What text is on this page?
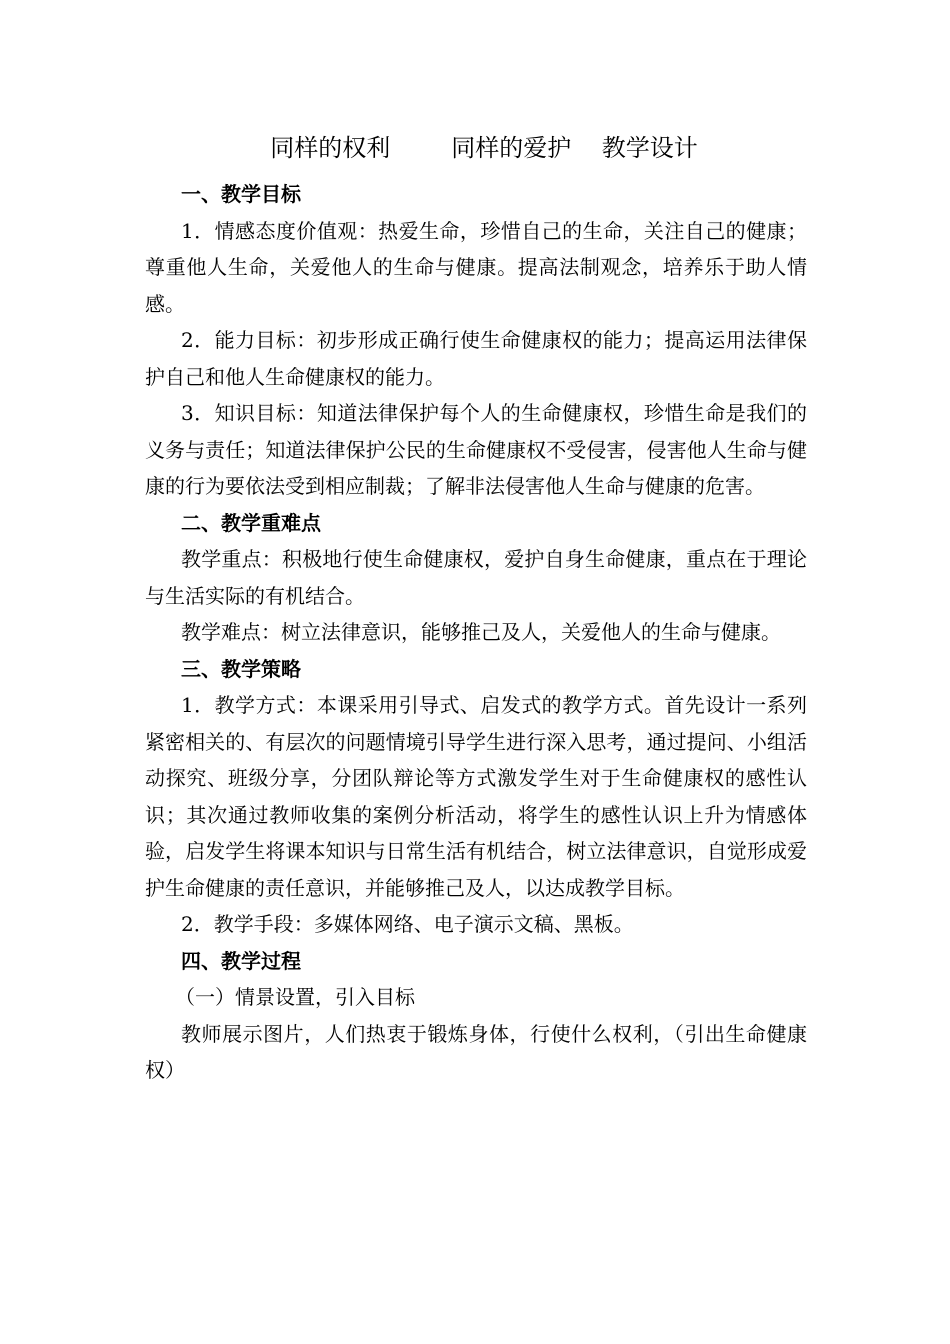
同样的权利        同样的爱护    教学设计
一、教学目标

1．情感态度价值观：热爱生命，珍惜自己的生命，关注自己的健康；尊重他人生命，关爱他人的生命与健康。提高法制观念，培养乐于助人情感。

2．能力目标：初步形成正确行使生命健康权的能力；提高运用法律保护自己和他人生命健康权的能力。

3．知识目标：知道法律保护每个人的生命健康权，珍惜生命是我们的义务与责任；知道法律保护公民的生命健康权不受侵害，侵害他人生命与健康的行为要依法受到相应制裁；了解非法侵害他人生命与健康的危害。

二、教学重难点

教学重点：积极地行使生命健康权，爱护自身生命健康，重点在于理论与生活实际的有机结合。

教学难点：树立法律意识，能够推己及人，关爱他人的生命与健康。

三、教学策略

1．教学方式：本课采用引导式、启发式的教学方式。首先设计一系列紧密相关的、有层次的问题情境引导学生进行深入思考，通过提问、小组活动探究、班级分享，分团队辩论等方式激发学生对于生命健康权的感性认识；其次通过教师收集的案例分析活动，将学生的感性认识上升为情感体验，启发学生将课本知识与日常生活有机结合，树立法律意识，自觉形成爱护生命健康的责任意识，并能够推己及人，以达成教学目标。

2．教学手段：多媒体网络、电子演示文稿、黑板。

四、教学过程
（一）情景设置，引入目标

教师展示图片，人们热衷于锻炼身体，行使什么权利，（引出生命健康权）
